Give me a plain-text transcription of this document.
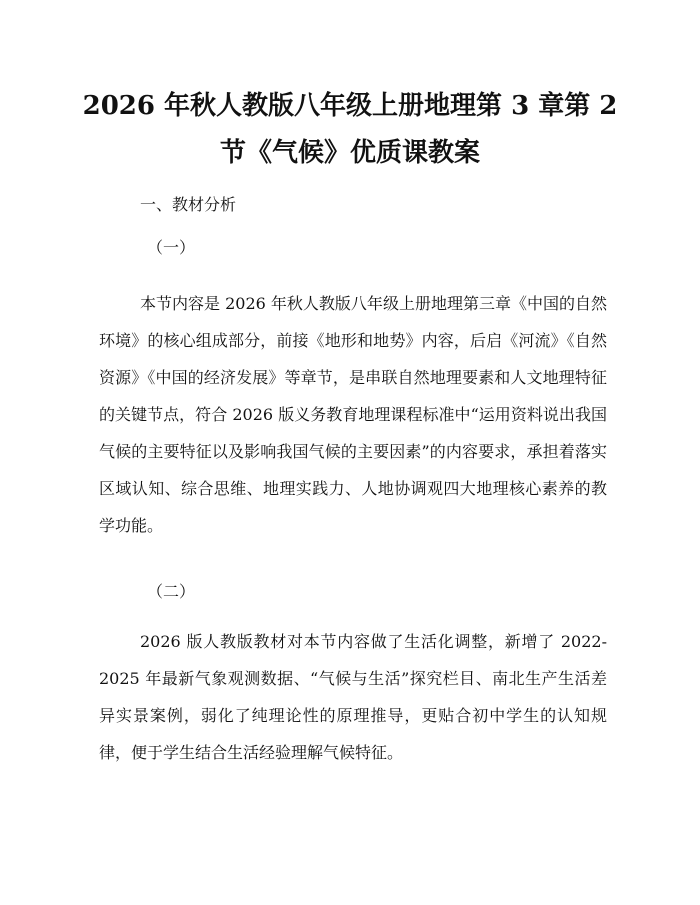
2026 年秋人教版八年级上册地理第 3 章第 2
节《气候》优质课教案

一、教材分析

（一）

本节内容是 2026 年秋人教版八年级上册地理第三章《中国的自然环境》的核心组成部分，前接《地形和地势》内容，后启《河流》《自然资源》《中国的经济发展》等章节，是串联自然地理要素和人文地理特征的关键节点，符合 2026 版义务教育地理课程标准中“运用资料说出我国气候的主要特征以及影响我国气候的主要因素”的内容要求，承担着落实区域认知、综合思维、地理实践力、人地协调观四大地理核心素养的教学功能。

（二）

2026 版人教版教材对本节内容做了生活化调整，新增了 2022-2025 年最新气象观测数据、“气候与生活”探究栏目、南北生产生活差异实景案例，弱化了纯理论性的原理推导，更贴合初中学生的认知规律，便于学生结合生活经验理解气候特征。
